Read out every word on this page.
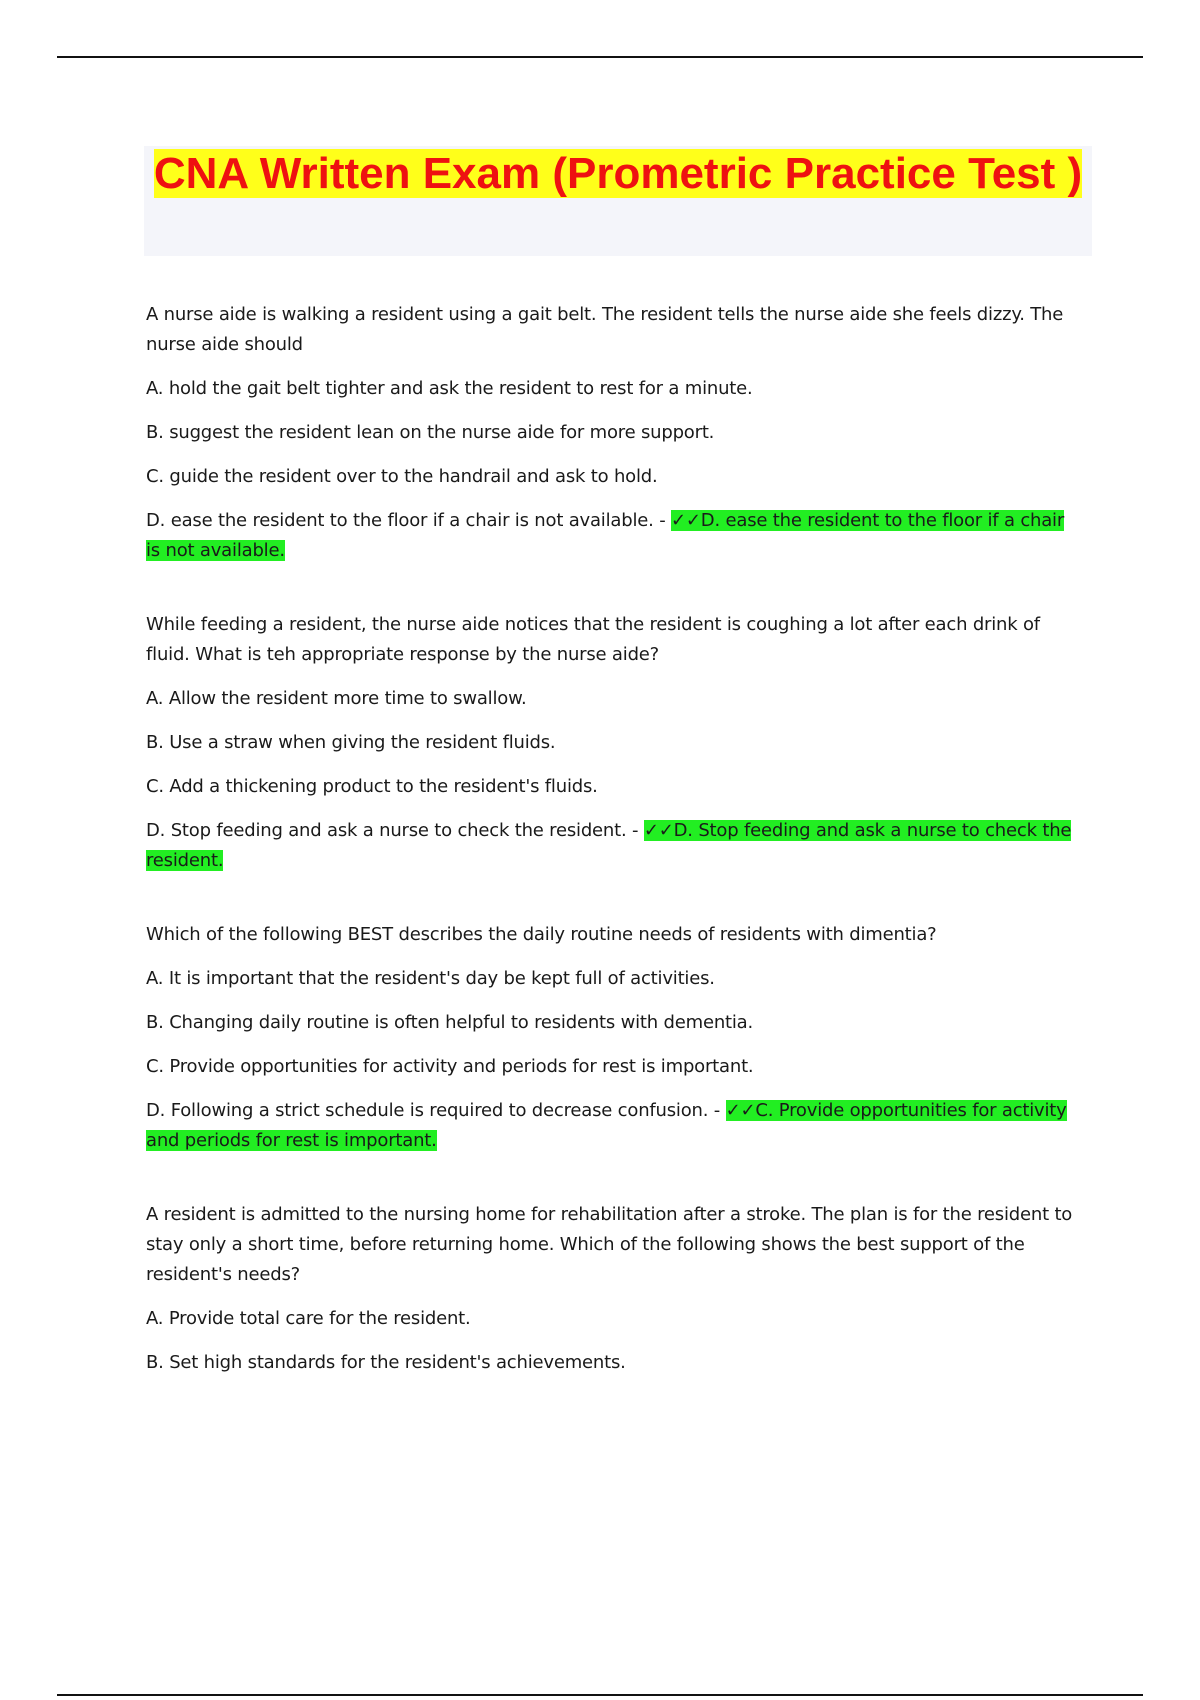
CNA Written Exam (Prometric Practice Test )

A nurse aide is walking a resident using a gait belt. The resident tells the nurse aide she feels dizzy. The nurse aide should

A. hold the gait belt tighter and ask the resident to rest for a minute.

B. suggest the resident lean on the nurse aide for more support.

C. guide the resident over to the handrail and ask to hold.

D. ease the resident to the floor if a chair is not available. - ✓✓D. ease the resident to the floor if a chair is not available.

While feeding a resident, the nurse aide notices that the resident is coughing a lot after each drink of fluid. What is teh appropriate response by the nurse aide?

A. Allow the resident more time to swallow.

B. Use a straw when giving the resident fluids.

C. Add a thickening product to the resident's fluids.

D. Stop feeding and ask a nurse to check the resident. - ✓✓D. Stop feeding and ask a nurse to check the resident.

Which of the following BEST describes the daily routine needs of residents with dimentia?

A. It is important that the resident's day be kept full of activities.

B. Changing daily routine is often helpful to residents with dementia.

C. Provide opportunities for activity and periods for rest is important.

D. Following a strict schedule is required to decrease confusion. - ✓✓C. Provide opportunities for activity and periods for rest is important.

A resident is admitted to the nursing home for rehabilitation after a stroke. The plan is for the resident to stay only a short time, before returning home. Which of the following shows the best support of the resident's needs?

A. Provide total care for the resident.

B. Set high standards for the resident's achievements.
